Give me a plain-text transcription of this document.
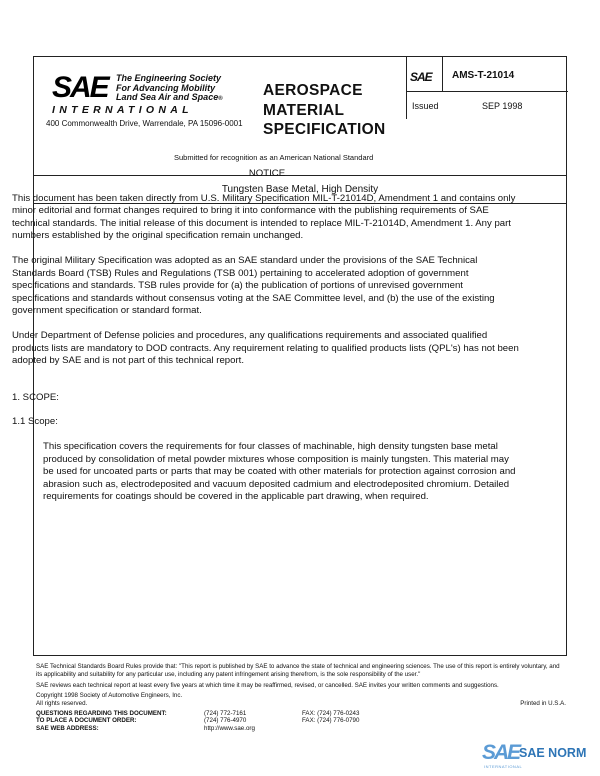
SAE The Engineering Society
For Advancing Mobility
Land Sea Air and Space®
INTERNATIONAL
400 Commonwealth Drive, Warrendale, PA 15096-0001
AEROSPACE
MATERIAL
SPECIFICATION
SAE AMS-T-21014
Issued	SEP 1998
Submitted for recognition as an American National Standard
Tungsten Base Metal, High Density

NOTICE

This document has been taken directly from U.S. Military Specification MIL-T-21014D, Amendment 1 and contains only minor editorial and format changes required to bring it into conformance with the publishing requirements of SAE technical standards. The initial release of this document is intended to replace MIL-T-21014D, Amendment 1. Any part numbers established by the original specification remain unchanged.

The original Military Specification was adopted as an SAE standard under the provisions of the SAE Technical Standards Board (TSB) Rules and Regulations (TSB 001) pertaining to accelerated adoption of government specifications and standards. TSB rules provide for (a) the publication of portions of unrevised government specifications and standards without consensus voting at the SAE Committee level, and (b) the use of the existing government specification or standard format.

Under Department of Defense policies and procedures, any qualifications requirements and associated qualified products lists are mandatory to DOD contracts. Any requirement relating to qualified products lists (QPL's) has not been adopted by SAE and is not part of this technical report.

1. SCOPE:

1.1 Scope:

This specification covers the requirements for four classes of machinable, high density tungsten base metal produced by consolidation of metal powder mixtures whose composition is mainly tungsten. This material may be used for uncoated parts or parts that may be coated with other materials for protection against corrosion and abrasion such as, electrodeposited and vacuum deposited cadmium and electrodeposited chromium. Detailed requirements for coatings should be covered in the applicable part drawing, when required.

SAE Technical Standards Board Rules provide that: "This report is published by SAE to advance the state of technical and engineering sciences. The use of this report is entirely voluntary, and its applicability and suitability for any particular use, including any patent infringement arising therefrom, is the sole responsibility of the user."

SAE reviews each technical report at least every five years at which time it may be reaffirmed, revised, or cancelled. SAE invites your written comments and suggestions.

Copyright 1998 Society of Automotive Engineers, Inc.
All rights reserved.	Printed in U.S.A.
QUESTIONS REGARDING THIS DOCUMENT:	(724) 772-7161	FAX: (724) 776-0243
TO PLACE A DOCUMENT ORDER:	(724) 776-4970	FAX: (724) 776-0790
SAE WEB ADDRESS:	http://www.sae.org
SAE SAE NORM
INTERNATIONAL
